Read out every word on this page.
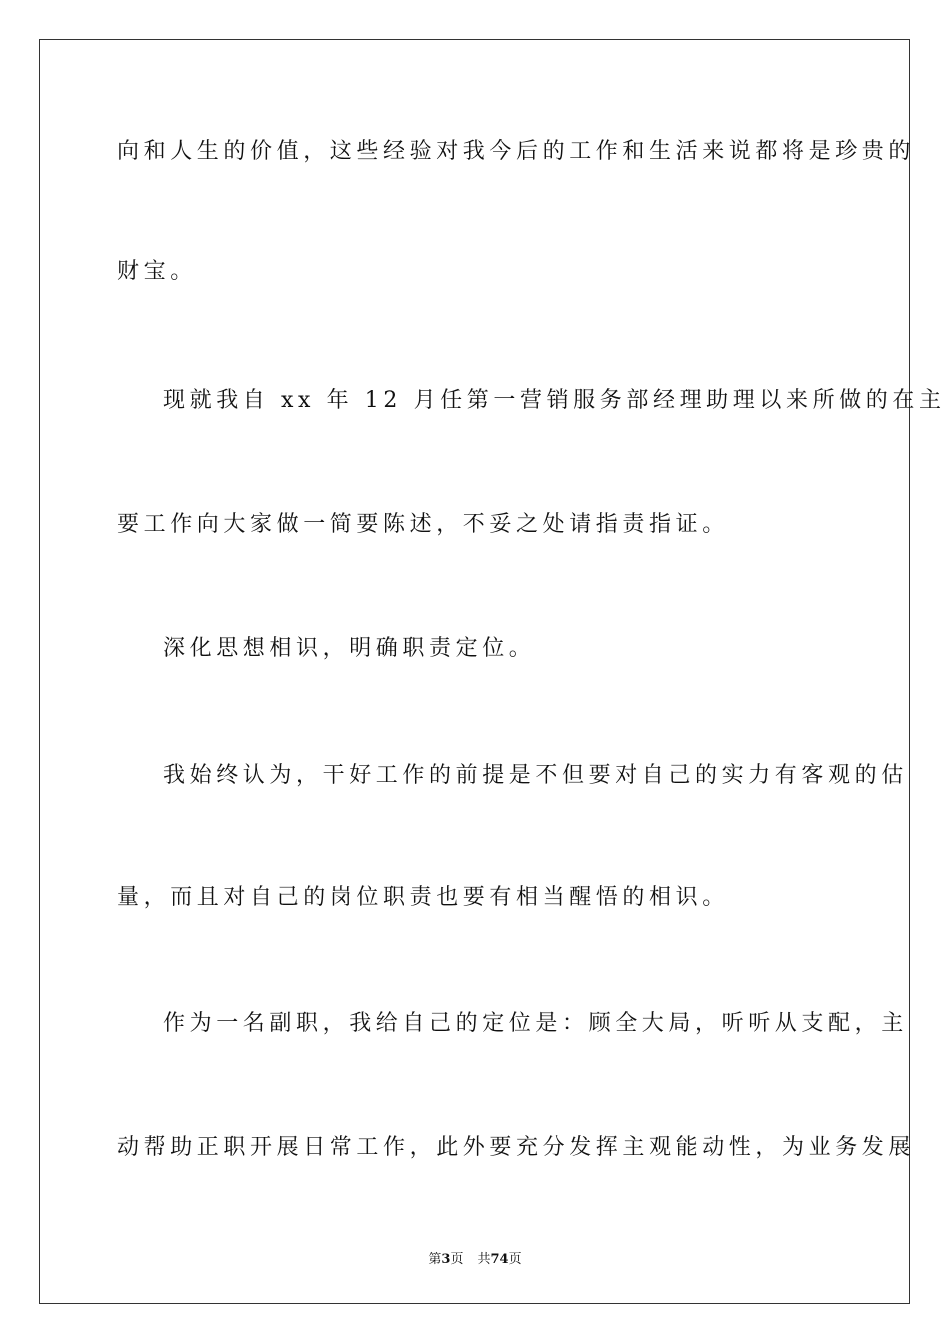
向和人生的价值，这些经验对我今后的工作和生活来说都将是珍贵的
财宝。
现就我自 xx 年 12 月任第一营销服务部经理助理以来所做的在主
要工作向大家做一简要陈述，不妥之处请指责指证。
深化思想相识，明确职责定位。
我始终认为，干好工作的前提是不但要对自己的实力有客观的估
量，而且对自己的岗位职责也要有相当醒悟的相识。
作为一名副职，我给自己的定位是：顾全大局，听听从支配，主
动帮助正职开展日常工作，此外要充分发挥主观能动性，为业务发展
第3页 共74页
